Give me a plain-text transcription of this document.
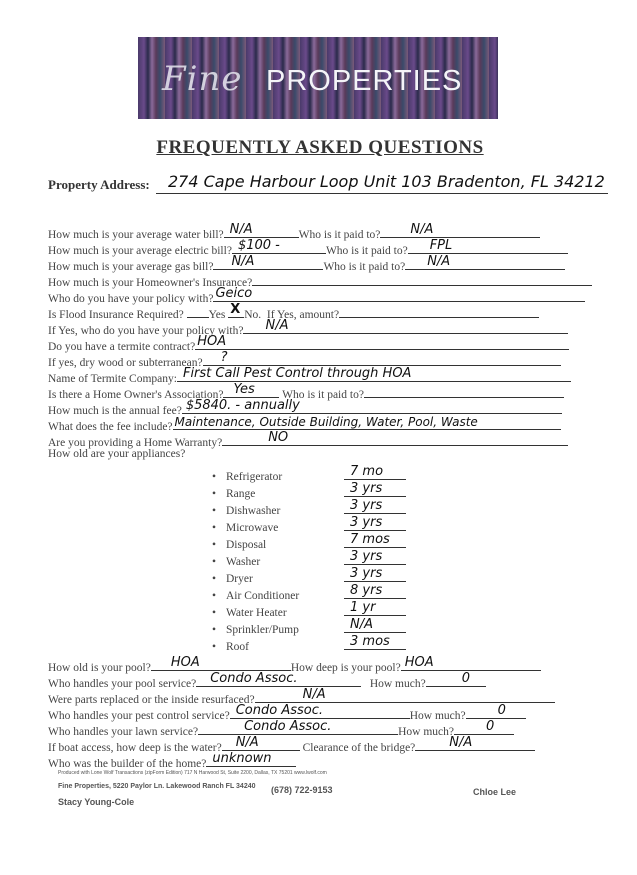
Fine PROPERTIES
FREQUENTLY ASKED QUESTIONS
Property Address: 274 Cape Harbour Loop Unit 103 Bradenton, FL 34212
How much is your average water bill? N/A	Who is it paid to? N/A
How much is your average electric bill? $100 -	Who is it paid to? FPL
How much is your average gas bill? N/A	Who is it paid to? N/A
How much is your Homeowner's Insurance?
Who do you have your policy with? Geico
Is Flood Insurance Required? Yes X No. If Yes, amount?
If Yes, who do you have your policy with? N/A
Do you have a termite contract? HOA
If yes, dry wood or subterranean? ?
Name of Termite Company: First Call Pest Control through HOA
Is there a Home Owner's Association? Yes Who is it paid to?
How much is the annual fee? $5840. - annually
What does the fee include? Maintenance, Outside Building, Water, Pool, Waste
Are you providing a Home Warranty?	NO
How old are your appliances?
• Refrigerator	7 mo
• Range	3 yrs
• Dishwasher	3 yrs
• Microwave	3 yrs
• Disposal	7 mos
• Washer	3 yrs
• Dryer	3 yrs
• Air Conditioner	8 yrs
• Water Heater	1 yr
• Sprinkler/Pump	N/A
• Roof	3 mos
How old is your pool? HOA	How deep is your pool? HOA
Who handles your pool service? Condo Assoc.	How much?	0
Were parts replaced or the inside resurfaced?	N/A
Who handles your pest control service? Condo Assoc.	How much? 0
Who handles your lawn service?	Condo Assoc.	How much? 0
If boat access, how deep is the water? N/A	Clearance of the bridge?	N/A
Who was the builder of the home? unknown
Produced with Lone Wolf Transactions (zipForm Edition) 717 N Harwood St, Suite 2200, Dallas, TX 75201 www.lwolf.com
Fine Properties, 5220 Paylor Ln. Lakewood Ranch FL 34240 (678) 722-9153	Chloe Lee
Stacy Young-Cole
